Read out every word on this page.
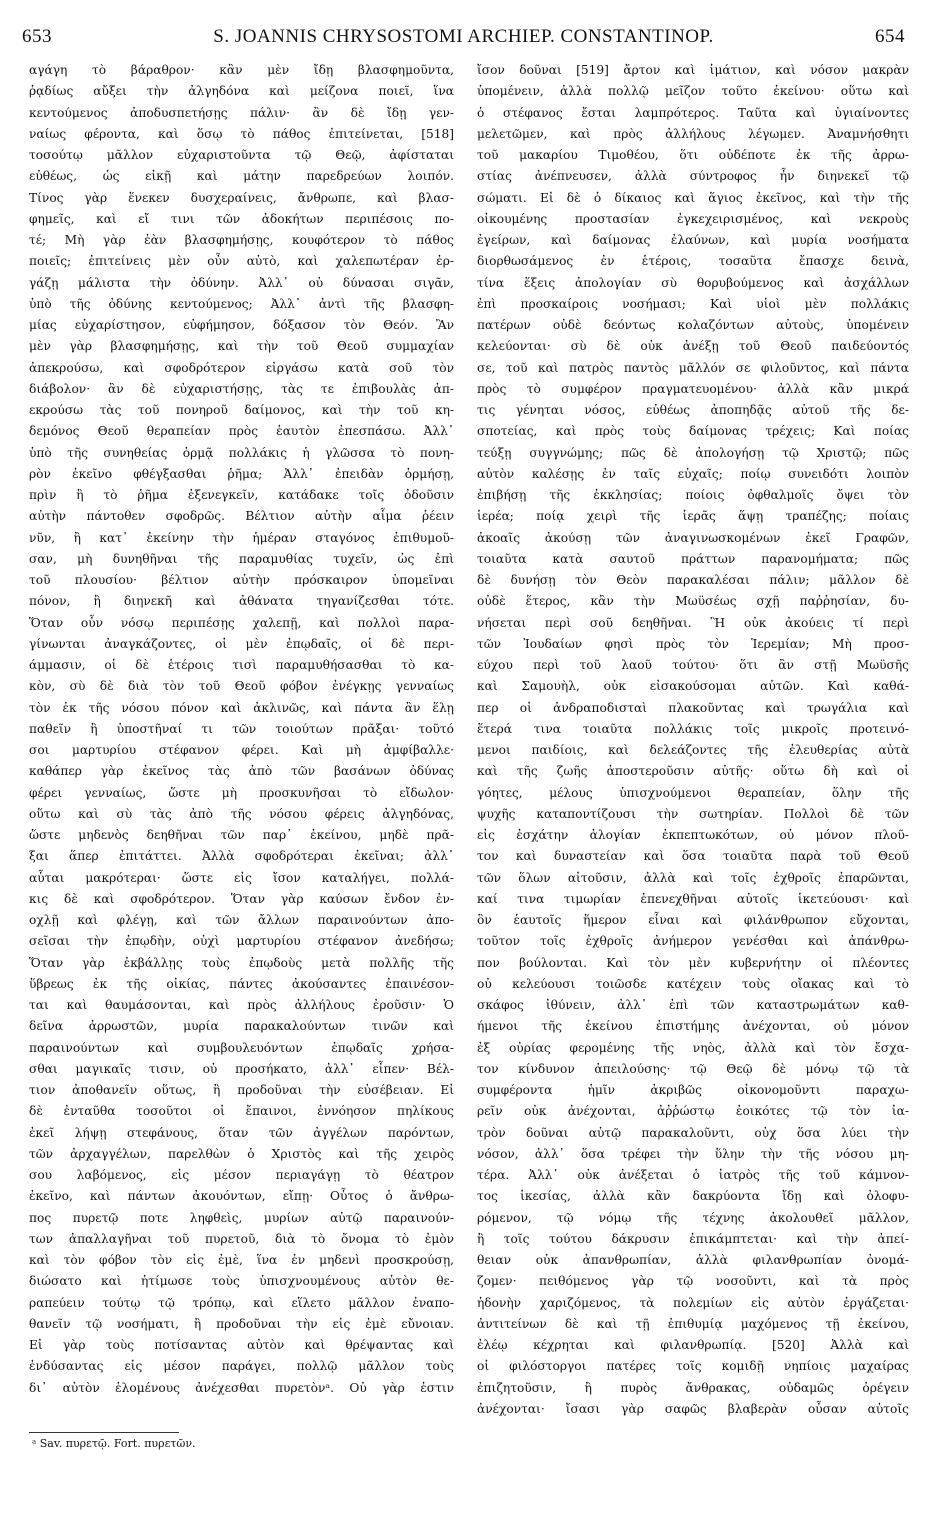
653	S. JOANNIS CHRYSOSTOMI ARCHIEP. CONSTANTINOP.	654
αγάγη τὸ βάραθρον· κἂν μὲν ἴδῃ βλασφημοῦντα,
ῥᾳδίως αὔξει τὴν ἀλγηδόνα καὶ μείζονα ποιεῖ, ἵνα
κεντούμενος ἀποδυσπετήσῃς πάλιν· ἂν δὲ ἴδῃ γεν-
ναίως φέροντα, καὶ ὅσῳ τὸ πάθος ἐπιτείνεται, [518]
τοσούτῳ μᾶλλον εὐχαριστοῦντα τῷ Θεῷ, ἀφίσταται
εὐθέως, ὡς εἰκῇ καὶ μάτην παρεδρεύων λοιπόν.
Τίνος γὰρ ἕνεκεν δυσχεραίνεις, ἄνθρωπε, καὶ βλασ-
φημεῖς, καὶ εἴ τινι τῶν ἀδοκήτων περιπέσοις πο-
τέ; Μὴ γὰρ ἐὰν βλασφημήσῃς, κουφότερον τὸ πάθος
ποιεῖς; ἐπιτείνεις μὲν οὖν αὐτὸ, καὶ χαλεπωτέραν ἐρ-
γάζῃ μάλιστα τὴν ὀδύνην. Ἀλλ᾽ οὐ δύνασαι σιγᾶν,
ὑπὸ τῆς ὀδύνης κεντούμενος; Ἀλλ᾽ ἀντὶ τῆς βλασφη-
μίας εὐχαρίστησον, εὐφήμησον, δόξασον τὸν Θεόν. Ἂν
μὲν γὰρ βλασφημήσῃς, καὶ τὴν τοῦ Θεοῦ συμμαχίαν
ἀπεκρούσω, καὶ σφοδρότερον εἰργάσω κατὰ σοῦ τὸν
διάβολον· ἂν δὲ εὐχαριστήσῃς, τὰς τε ἐπιβουλὰς ἀπ-
εκρούσω τὰς τοῦ πονηροῦ δαίμονος, καὶ τὴν τοῦ κη-
δεμόνος Θεοῦ θεραπείαν πρὸς ἑαυτὸν ἐπεσπάσω. Ἀλλ᾽
ὑπὸ τῆς συνηθείας ὁρμᾷ πολλάκις ἡ γλῶσσα τὸ πονη-
ρὸν ἐκεῖνο φθέγξασθαι ῥῆμα; Ἀλλ᾽ ἐπειδὰν ὁρμήσῃ,
πρὶν ἢ τὸ ῥῆμα ἐξενεγκεῖν, κατάδακε τοῖς ὀδοῦσιν
αὐτὴν πάντοθεν σφοδρῶς. Βέλτιον αὐτὴν αἷμα ῥέειν
νῦν, ἢ κατ᾽ ἐκείνην τὴν ἡμέραν σταγόνος ἐπιθυμοῦ-
σαν, μὴ δυνηθῆναι τῆς παραμυθίας τυχεῖν, ὡς ἐπὶ
τοῦ πλουσίου· βέλτιον αὐτὴν πρόσκαιρον ὑπομεῖναι
πόνον, ἢ διηνεκῆ καὶ ἀθάνατα τηγανίζεσθαι τότε.
Ὅταν οὖν νόσῳ περιπέσῃς χαλεπῇ, καὶ πολλοὶ παρα-
γίνωνται ἀναγκάζοντες, οἱ μὲν ἐπῳδαῖς, οἱ δὲ περι-
άμμασιν, οἱ δὲ ἑτέροις τισὶ παραμυθήσασθαι τὸ κα-
κὸν, σὺ δὲ διὰ τὸν τοῦ Θεοῦ φόβον ἐνέγκῃς γενναίως
τὸν ἐκ τῆς νόσου πόνον καὶ ἀκλινῶς, καὶ πάντα ἂν ἕλῃ
παθεῖν ἢ ὑποστῆναί τι τῶν τοιούτων πρᾶξαι· τοῦτό
σοι μαρτυρίου στέφανον φέρει. Καὶ μὴ ἀμφίβαλλε·
καθάπερ γὰρ ἐκεῖνος τὰς ἀπὸ τῶν βασάνων ὀδύνας
φέρει γενναίως, ὥστε μὴ προσκυνῆσαι τὸ εἴδωλον·
οὕτω καὶ σὺ τὰς ἀπὸ τῆς νόσου φέρεις ἀλγηδόνας,
ὥστε μηδενὸς δεηθῆναι τῶν παρ᾽ ἐκείνου, μηδὲ πρᾶ-
ξαι ἅπερ ἐπιτάττει. Ἀλλὰ σφοδρότεραι ἐκεῖναι; ἀλλ᾽
αὗται μακρότεραι· ὥστε εἰς ἴσον καταλήγει, πολλά-
κις δὲ καὶ σφοδρότερον. Ὅταν γὰρ καύσων ἔνδον ἐν-
οχλῇ καὶ φλέγῃ, καὶ τῶν ἄλλων παραινούντων ἀπο-
σεῖσαι τὴν ἐπῳδὴν, οὐχὶ μαρτυρίου στέφανον ἀνεδήσω;
Ὅταν γὰρ ἐκβάλλῃς τοὺς ἐπῳδοὺς μετὰ πολλῆς τῆς
ὕβρεως ἐκ τῆς οἰκίας, πάντες ἀκούσαντες ἐπαινέσον-
ται καὶ θαυμάσονται, καὶ πρὸς ἀλλήλους ἐροῦσιν· Ὁ
δεῖνα ἀρρωστῶν, μυρία παρακαλούντων τινῶν καὶ
παραινούντων καὶ συμβουλευόντων ἐπῳδαῖς χρήσα-
σθαι μαγικαῖς τισιν, οὐ προσήκατο, ἀλλ᾽ εἶπεν· Βέλ-
τιον ἀποθανεῖν οὕτως, ἢ προδοῦναι τὴν εὐσέβειαν. Εἰ
δὲ ἐνταῦθα τοσοῦτοι οἱ ἔπαινοι, ἐννόησον πηλίκους
ἐκεῖ λήψῃ στεφάνους, ὅταν τῶν ἀγγέλων παρόντων,
τῶν ἀρχαγγέλων, παρελθὼν ὁ Χριστὸς καὶ τῆς χειρὸς
σου λαβόμενος, εἰς μέσον περιαγάγῃ τὸ θέατρον
ἐκεῖνο, καὶ πάντων ἀκουόντων, εἴπῃ· Οὗτος ὁ ἄνθρω-
πος πυρετῷ ποτε ληφθεὶς, μυρίων αὐτῷ παραινούν-
των ἀπαλλαγῆναι τοῦ πυρετοῦ, διὰ τὸ ὄνομα τὸ ἐμὸν
καὶ τὸν φόβον τὸν εἰς ἐμὲ, ἵνα ἐν μηδενὶ προσκρούσῃ,
διώσατο καὶ ἠτίμωσε τοὺς ὑπισχνουμένους αὐτὸν θε-
ραπεύειν τούτῳ τῷ τρόπῳ, καὶ εἵλετο μᾶλλον ἐναπο-
θανεῖν τῷ νοσήματι, ἢ προδοῦναι τὴν εἰς ἐμὲ εὔνοιαν.
Εἰ γὰρ τοὺς ποτίσαντας αὐτὸν καὶ θρέψαντας καὶ
ἐνδύσαντας εἰς μέσον παράγει, πολλῷ μᾶλλον τοὺς
δι᾽ αὐτὸν ἑλομένους ἀνέχεσθαι πυρετὸνᵃ. Οὐ γὰρ ἐστιν
ἴσον δοῦναι [519] ἄρτον καὶ ἱμάτιον, καὶ νόσον μακρὰν
ὑπομένειν, ἀλλὰ πολλῷ μεῖζον τοῦτο ἐκείνου· οὕτω καὶ
ὁ στέφανος ἔσται λαμπρότερος. Ταῦτα καὶ ὑγιαίνοντες
μελετῶμεν, καὶ πρὸς ἀλλήλους λέγωμεν. Ἀναμνήσθητι
τοῦ μακαρίου Τιμοθέου, ὅτι οὐδέποτε ἐκ τῆς ἀρρω-
στίας ἀνέπνευσεν, ἀλλὰ σύντροφος ἦν διηνεκεῖ τῷ
σώματι. Εἰ δὲ ὁ δίκαιος καὶ ἅγιος ἐκεῖνος, καὶ τὴν τῆς
οἰκουμένης προστασίαν ἐγκεχειρισμένος, καὶ νεκροὺς
ἐγείρων, καὶ δαίμονας ἐλαύνων, καὶ μυρία νοσήματα
διορθωσάμενος ἐν ἑτέροις, τοσαῦτα ἔπασχε δεινὰ,
τίνα ἕξεις ἀπολογίαν σὺ θορυβούμενος καὶ ἀσχάλλων
ἐπὶ προσκαίροις νοσήμασι; Καὶ υἱοὶ μὲν πολλάκις
πατέρων οὐδὲ δεόντως κολαζόντων αὐτοὺς, ὑπομένειν
κελεύονται· σὺ δὲ οὐκ ἀνέξῃ τοῦ Θεοῦ παιδεύοντός
σε, τοῦ καὶ πατρὸς παντὸς μᾶλλόν σε φιλοῦντος, καὶ πάντα
πρὸς τὸ συμφέρον πραγματευομένου· ἀλλὰ κἂν μικρά
τις γένηται νόσος, εὐθέως ἀποπηδᾷς αὐτοῦ τῆς δε-
σποτείας, καὶ πρὸς τοὺς δαίμονας τρέχεις; Καὶ ποίας
τεύξῃ συγγνώμης; πῶς δὲ ἀπολογήσῃ τῷ Χριστῷ; πῶς
αὐτὸν καλέσῃς ἐν ταῖς εὐχαῖς; ποίῳ συνειδότι λοιπὸν
ἐπιβήσῃ τῆς ἐκκλησίας; ποίοις ὀφθαλμοῖς ὄψει τὸν
ἱερέα; ποίᾳ χειρὶ τῆς ἱερᾶς ἅψῃ τραπέζης; ποίαις
ἀκοαῖς ἀκούσῃ τῶν ἀναγινωσκομένων ἐκεῖ Γραφῶν,
τοιαῦτα κατὰ σαυτοῦ πράττων παρανομήματα; πῶς
δὲ δυνήσῃ τὸν Θεὸν παρακαλέσαι πάλιν; μᾶλλον δὲ
οὐδὲ ἕτερος, κἂν τὴν Μωϋσέως σχῇ παῤῥησίαν, δυ-
νήσεται περὶ σοῦ δεηθῆναι. Ἢ οὐκ ἀκούεις τί περὶ
τῶν Ἰουδαίων φησὶ πρὸς τὸν Ἱερεμίαν; Μὴ προσ-
εύχου περὶ τοῦ λαοῦ τούτου· ὅτι ἂν στῇ Μωϋσῆς
καὶ Σαμουὴλ, οὐκ εἰσακούσομαι αὐτῶν. Καὶ καθά-
περ οἱ ἀνδραποδισταὶ πλακοῦντας καὶ τρωγάλια καὶ
ἕτερά τινα τοιαῦτα πολλάκις τοῖς μικροῖς προτεινό-
μενοι παιδίοις, καὶ δελεάζοντες τῆς ἐλευθερίας αὐτὰ
καὶ τῆς ζωῆς ἀποστεροῦσιν αὐτῆς· οὕτω δὴ καὶ οἱ
γόητες, μέλους ὑπισχνούμενοι θεραπείαν, ὅλην τῆς
ψυχῆς καταποντίζουσι τὴν σωτηρίαν. Πολλοὶ δὲ τῶν
εἰς ἐσχάτην ἀλογίαν ἐκπεπτωκότων, οὐ μόνον πλοῦ-
τον καὶ δυναστείαν καὶ ὅσα τοιαῦτα παρὰ τοῦ Θεοῦ
τῶν ὅλων αἰτοῦσιν, ἀλλὰ καὶ τοῖς ἐχθροῖς ἐπαρῶνται,
καί τινα τιμωρίαν ἐπενεχθῆναι αὐτοῖς ἱκετεύουσι· καὶ
ὃν ἑαυτοῖς ἥμερον εἶναι καὶ φιλάνθρωπον εὔχονται,
τοῦτον τοῖς ἐχθροῖς ἀνήμερον γενέσθαι καὶ ἀπάνθρω-
πον βούλονται. Καὶ τὸν μὲν κυβερνήτην οἱ πλέοντες
οὐ κελεύουσι τοιῶσδε κατέχειν τοὺς οἴακας καὶ τὸ
σκάφος ἰθύνειν, ἀλλ᾽ ἐπὶ τῶν καταστρωμάτων καθ-
ήμενοι τῆς ἐκείνου ἐπιστήμης ἀνέχονται, οὐ μόνον
ἐξ οὐρίας φερομένης τῆς νηὸς, ἀλλὰ καὶ τὸν ἔσχα-
τον κίνδυνον ἀπειλούσης· τῷ Θεῷ δὲ μόνῳ τῷ τὰ
συμφέροντα ἡμῖν ἀκριβῶς οἰκονομοῦντι παραχω-
ρεῖν οὐκ ἀνέχονται, ἀῤῥώστῳ ἐοικότες τῷ τὸν ἰα-
τρὸν δοῦναι αὐτῷ παρακαλοῦντι, οὐχ ὅσα λύει τὴν
νόσον, ἀλλ᾽ ὅσα τρέφει τὴν ὕλην τὴν τῆς νόσου μη-
τέρα. Ἀλλ᾽ οὐκ ἀνέξεται ὁ ἰατρὸς τῆς τοῦ κάμνον-
τος ἱκεσίας, ἀλλὰ κἂν δακρύοντα ἴδῃ καὶ ὀλοφυ-
ρόμενον, τῷ νόμῳ τῆς τέχνης ἀκολουθεῖ μᾶλλον,
ἢ τοῖς τούτου δάκρυσιν ἐπικάμπτεται· καὶ τὴν ἀπεί-
θειαν οὐκ ἀπανθρωπίαν, ἀλλὰ φιλανθρωπίαν ὀνομά-
ζομεν· πειθόμενος γὰρ τῷ νοσοῦντι, καὶ τὰ πρὸς
ἡδονὴν χαριζόμενος, τὰ πολεμίων εἰς αὐτὸν ἐργάζεται·
ἀντιτείνων δὲ καὶ τῇ ἐπιθυμίᾳ μαχόμενος τῇ ἐκείνου,
ἐλέῳ κέχρηται καὶ φιλανθρωπίᾳ. [520] Ἀλλὰ καὶ
οἱ φιλόστοργοι πατέρες τοῖς κομιδῇ νηπίοις μαχαίρας
ἐπιζητοῦσιν, ἢ πυρὸς ἄνθρακας, οὐδαμῶς ὀρέγειν
ἀνέχονται· ἴσασι γὰρ σαφῶς βλαβερὰν οὖσαν αὐτοῖς
ᵃ Sav. πυρετῷ. Fort. πυρετῶν.
